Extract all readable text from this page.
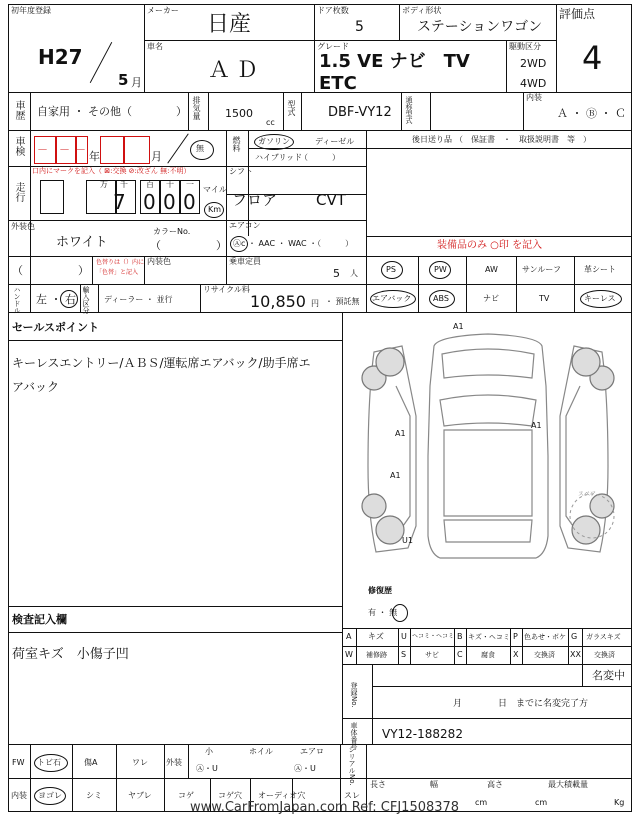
初年度登録
H27
5 月
メーカー
日産
ドア枚数
5
ボディ形状
ステーションワゴン
評価点
4
車名
ＡＤ
グレード
1.5 VE ナビ　TV
ETC
駆動区分
2WD
4WD
車歴 自家用 ・ その他（	） 排気量 1500
cc
型式 DBF-VY12 通称型式	内装
Ａ ・ Ⓑ ・ Ｃ
車検 － － －
年	月
無	燃料 ガソリン	ディーゼル
ハイブリッド
（　　　）
後日送り品 （　保証書　・　取扱説明書　等　）
走行
口内にマークを記入（ ⊠:交換 ⊘:改ざん 無:不明）
万 千 百 十 一
7 0 0 0
マイル
Km
シフト
フロア	CVT
エアコン
Ⓐc ・ AAC ・ WAC ・（　　　）
外装色
ホワイト
カラーNo.
（　　　　　）	装備品のみ ○印 を記入
（　　　　　）
色替りは（）内に
「色替」と記入
内装色	乗車定員
5 人	PS	PW	AW	サンルーフ	革シート
エアバック	ABS	ナビ	TV	キーレス
ハンドル 左 ・ 右 輸入区分 ディーラー ・ 並行
リサイクル料
10,850 円 ・ 預託無
セールスポイント
キーレスエントリー/ＡＢＳ/運転席エアバック/助手席エ
アバック
検査記入欄
荷室キズ　小傷子凹
A1
A1
A1
U1
A1
スペア
修復歴
有 ・ 無
A キズ U ヘコミ・ヘコミ B キズ・ヘコミ P 色あせ・ボケ G ガラスキズ
W 補修跡 S	サビ C	腐食 X 交換済 XX 交換済
登録No.
名変中
月　　　　日　までに名変完了方
車体番号 VY12-188282
FW トビ石	傷A	ワレ 外装
小	ホイル	エアロ
Ⓐ・U	Ⓐ・U	シリアルNo.
内装 ヨゴレ	シミ	ヤブレ	コゲ	コゲ穴 オーディオ穴	スレ
長さ	幅	高さ	最大積載量
cm	cm	Kg
www.CarFromJapan.com Ref: CFJ1508378
